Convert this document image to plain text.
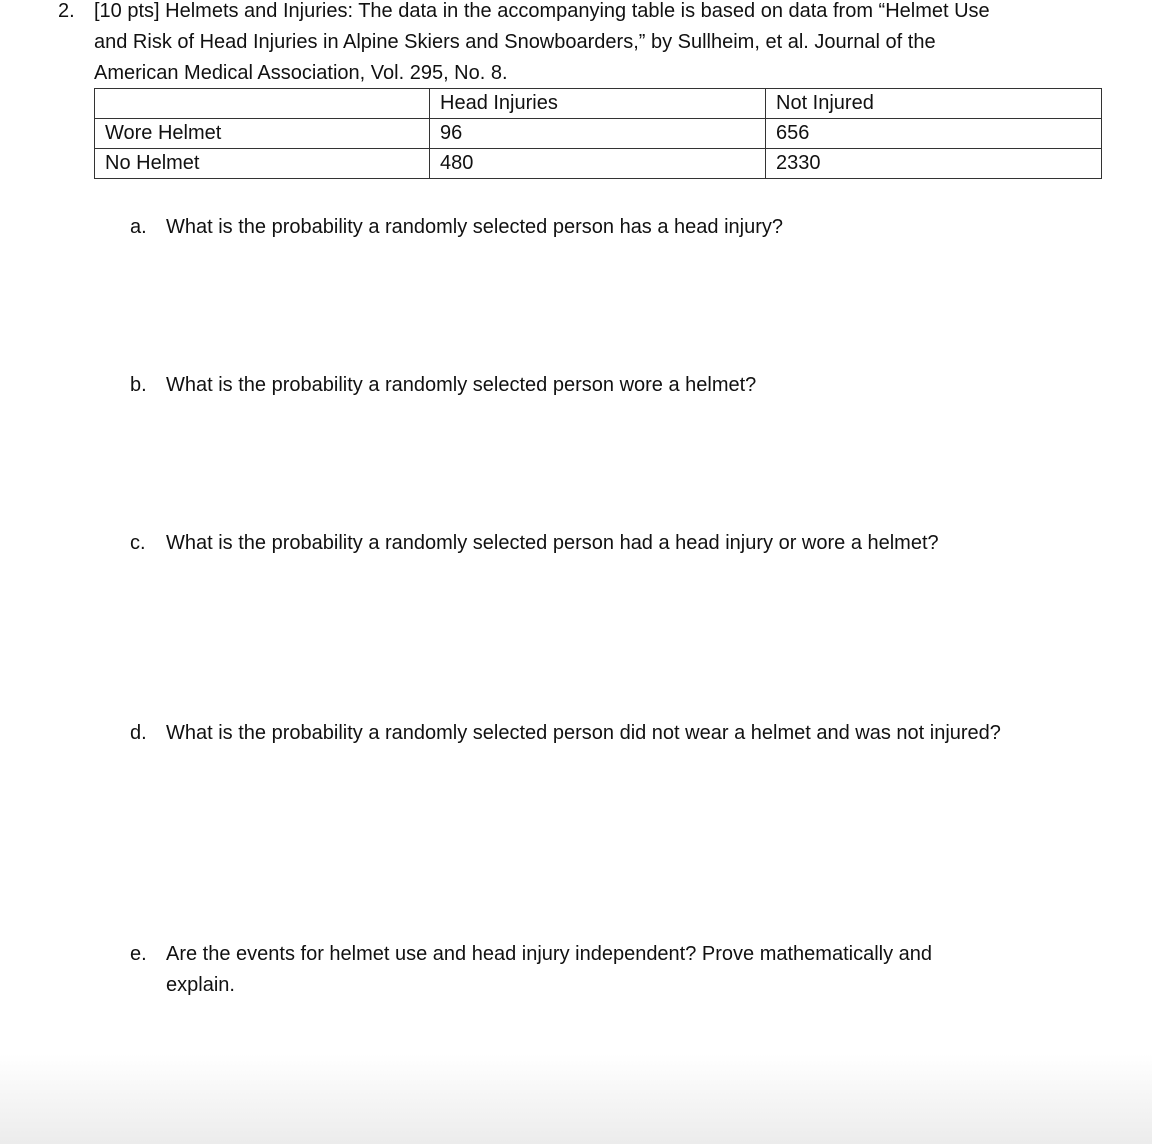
2. [10 pts] Helmets and Injuries: The data in the accompanying table is based on data from “Helmet Use
and Risk of Head Injuries in Alpine Skiers and Snowboarders,” by Sullheim, et al. Journal of the
American Medical Association, Vol. 295, No. 8.
	Head Injuries	Not Injured
Wore Helmet	96	656
No Helmet	480	2330
a. What is the probability a randomly selected person has a head injury?
b. What is the probability a randomly selected person wore a helmet?
c. What is the probability a randomly selected person had a head injury or wore a helmet?
d. What is the probability a randomly selected person did not wear a helmet and was not injured?
e. Are the events for helmet use and head injury independent? Prove mathematically and
explain.
